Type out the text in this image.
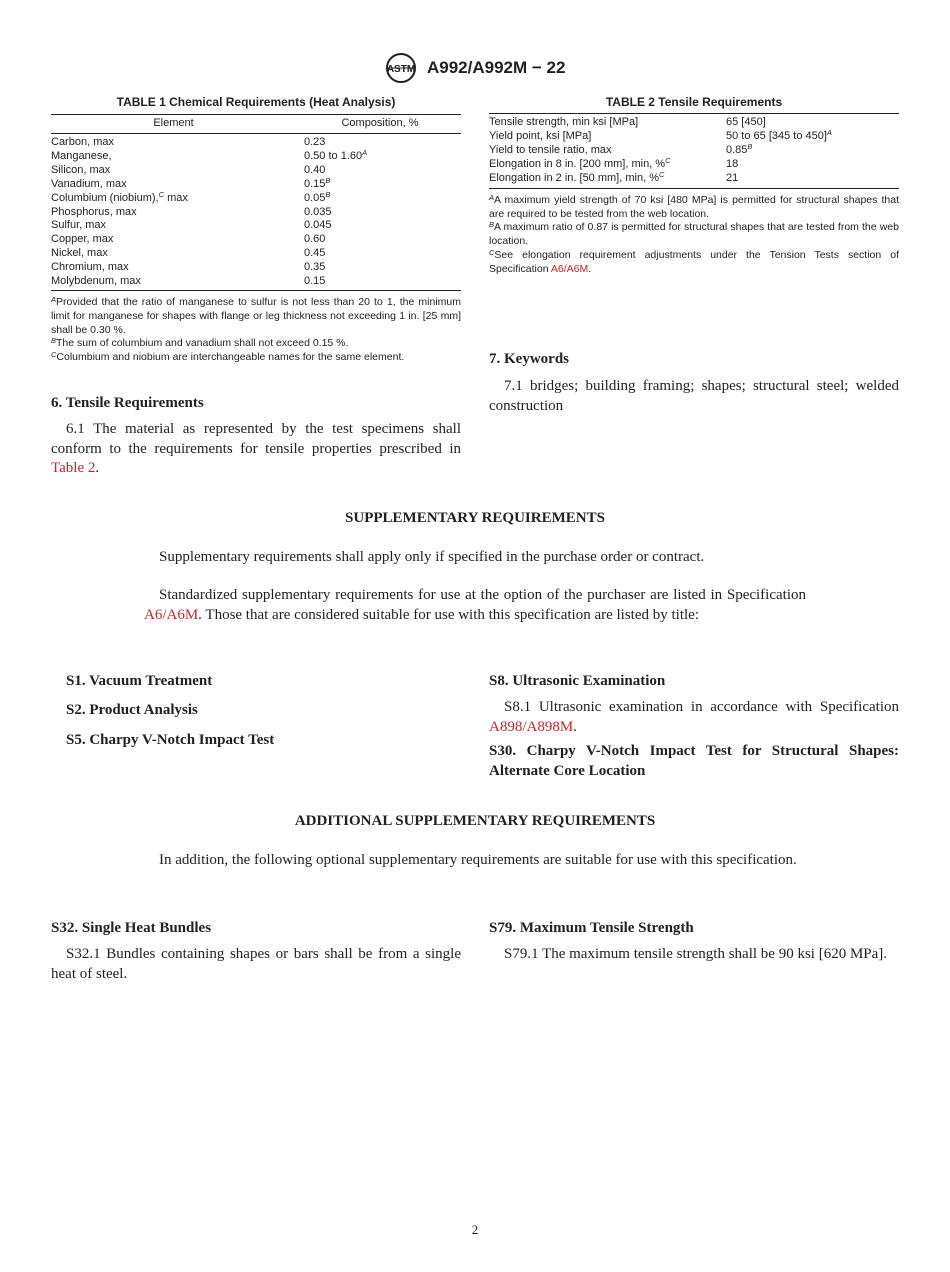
ASTM A992/A992M − 22
TABLE 1 Chemical Requirements (Heat Analysis)
Element	Composition, %
Carbon, max	0.23
Manganese,	0.50 to $1.60^A$
Silicon, max	0.40
Vanadium, max	$0.15^B$
Columbium (niobium),$^C$ max	$0.05^B$
Phosphorus, max	0.035
Sulfur, max	0.045
Copper, max	0.60
Nickel, max	0.45
Chromium, max	0.35
Molybdenum, max	0.15
$^A$Provided that the ratio of manganese to sulfur is not less than 20 to 1, the minimum limit for manganese for shapes with flange or leg thickness not exceeding 1 in. [25 mm] shall be 0.30 %.
$^B$The sum of columbium and vanadium shall not exceed 0.15 %.
$^C$Columbium and niobium are interchangeable names for the same element.
TABLE 2 Tensile Requirements
Tensile strength, min ksi [MPa]	65 [450]
Yield point, ksi [MPa]	50 to 65 [345 to 450]$^A$
Yield to tensile ratio, max	$0.85^B$
Elongation in 8 in. [200 mm], min, %$^C$	18
Elongation in 2 in. [50 mm], min, %$^C$	21
$^A$A maximum yield strength of 70 ksi [480 MPa] is permitted for structural shapes that are required to be tested from the web location.
$^B$A maximum ratio of 0.87 is permitted for structural shapes that are tested from the web location.
$^C$See elongation requirement adjustments under the Tension Tests section of Specification A6/A6M.
6. Tensile Requirements
6.1 The material as represented by the test specimens shall conform to the requirements for tensile properties prescribed in Table 2.
7. Keywords
7.1 bridges; building framing; shapes; structural steel; welded construction
SUPPLEMENTARY REQUIREMENTS
Supplementary requirements shall apply only if specified in the purchase order or contract.
Standardized supplementary requirements for use at the option of the purchaser are listed in Specification A6/A6M. Those that are considered suitable for use with this specification are listed by title:
S1. Vacuum Treatment
S2. Product Analysis
S5. Charpy V-Notch Impact Test
S8. Ultrasonic Examination
S8.1 Ultrasonic examination in accordance with Specification A898/A898M.
S30. Charpy V-Notch Impact Test for Structural Shapes: Alternate Core Location
ADDITIONAL SUPPLEMENTARY REQUIREMENTS
In addition, the following optional supplementary requirements are suitable for use with this specification.
S32. Single Heat Bundles
S32.1 Bundles containing shapes or bars shall be from a single heat of steel.
S79. Maximum Tensile Strength
S79.1 The maximum tensile strength shall be 90 ksi [620 MPa].
2
